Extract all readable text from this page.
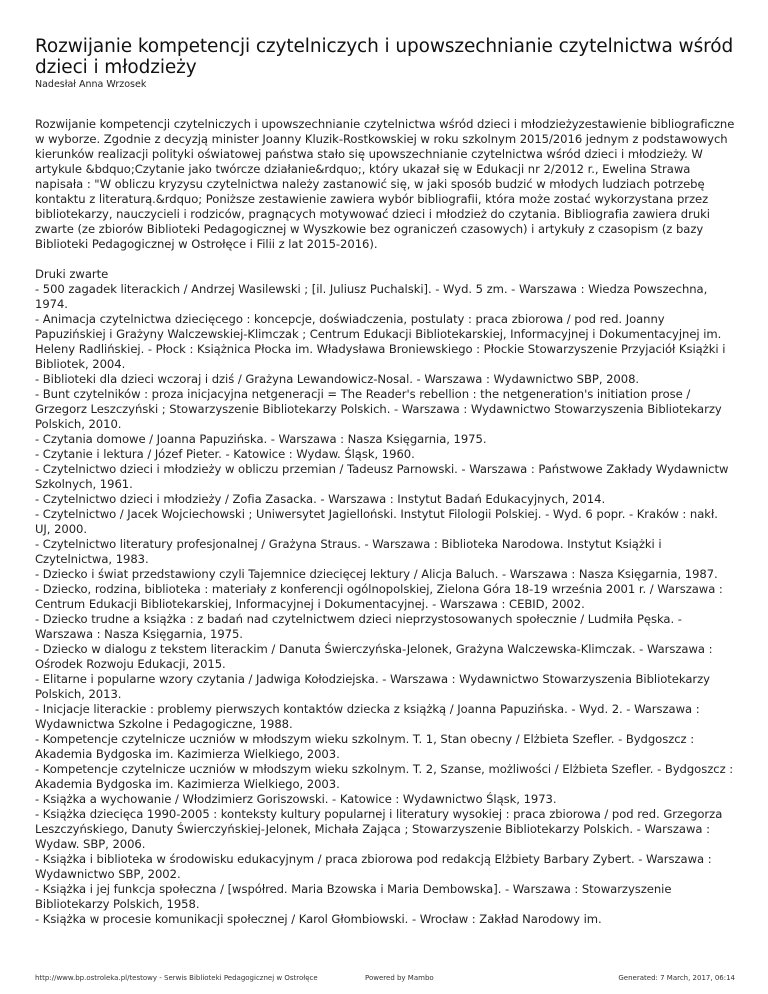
Rozwijanie kompetencji czytelniczych i upowszechnianie czytelnictwa wśród dzieci i młodzieży
Nadesłał Anna Wrzosek
Rozwijanie kompetencji czytelniczych i upowszechnianie czytelnictwa wśród dzieci i młodzieżyzestawienie bibliograficzne w wyborze. Zgodnie z decyzją minister Joanny Kluzik-Rostkowskiej w roku szkolnym 2015/2016 jednym z podstawowych kierunków realizacji polityki oświatowej państwa stało się upowszechnianie czytelnictwa wśród dzieci i młodzieży. W artykule &bdquo;Czytanie jako twórcze działanie&rdquo;, który ukazał się w Edukacji nr 2/2012 r., Ewelina Strawa napisała : "W obliczu kryzysu czytelnictwa należy zastanowić się, w jaki sposób budzić w młodych ludziach potrzebę kontaktu z literaturą.&rdquo; Poniższe zestawienie zawiera wybór bibliografii, która może zostać wykorzystana przez bibliotekarzy, nauczycieli i rodziców, pragnących motywować dzieci i młodzież do czytania. Bibliografia zawiera druki zwarte (ze zbiorów Biblioteki Pedagogicznej w Wyszkowie bez ograniczeń czasowych) i artykuły z czasopism (z bazy Biblioteki Pedagogicznej w Ostrołęce i Filii z lat 2015-2016).
Druki zwarte
- 500 zagadek literackich / Andrzej Wasilewski ; [il. Juliusz Puchalski]. - Wyd. 5 zm. - Warszawa : Wiedza Powszechna, 1974.
- Animacja czytelnictwa dziecięcego : koncepcje, doświadczenia, postulaty : praca zbiorowa / pod red. Joanny Papuzińskiej i Grażyny Walczewskiej-Klimczak ; Centrum Edukacji Bibliotekarskiej, Informacyjnej i Dokumentacyjnej im. Heleny Radlińskiej. - Płock : Książnica Płocka im. Władysława Broniewskiego : Płockie Stowarzyszenie Przyjaciół Książki i Bibliotek, 2004.
- Biblioteki dla dzieci wczoraj i dziś / Grażyna Lewandowicz-Nosal. - Warszawa : Wydawnictwo SBP, 2008.
- Bunt czytelników : proza inicjacyjna netgeneracji = The Reader's rebellion : the netgeneration's initiation prose / Grzegorz Leszczyński ; Stowarzyszenie Bibliotekarzy Polskich. - Warszawa : Wydawnictwo Stowarzyszenia Bibliotekarzy Polskich, 2010.
- Czytania domowe / Joanna Papuzińska. - Warszawa : Nasza Księgarnia, 1975.
- Czytanie i lektura / Józef Pieter. - Katowice : Wydaw. Śląsk, 1960.
- Czytelnictwo dzieci i młodzieży w obliczu przemian / Tadeusz Parnowski. - Warszawa : Państwowe Zakłady Wydawnictw Szkolnych, 1961.
- Czytelnictwo dzieci i młodzieży / Zofia Zasacka. - Warszawa : Instytut Badań Edukacyjnych, 2014.
- Czytelnictwo / Jacek Wojciechowski ; Uniwersytet Jagielloński. Instytut Filologii Polskiej. - Wyd. 6 popr. - Kraków : nakł. UJ, 2000.
- Czytelnictwo literatury profesjonalnej / Grażyna Straus. - Warszawa : Biblioteka Narodowa. Instytut Książki i Czytelnictwa, 1983.
- Dziecko i świat przedstawiony czyli Tajemnice dziecięcej lektury / Alicja Baluch. - Warszawa : Nasza Księgarnia, 1987.
- Dziecko, rodzina, biblioteka : materiały z konferencji ogólnopolskiej, Zielona Góra 18-19 września 2001 r. / Warszawa : Centrum Edukacji Bibliotekarskiej, Informacyjnej i Dokumentacyjnej. - Warszawa : CEBID, 2002.
- Dziecko trudne a książka : z badań nad czytelnictwem dzieci nieprzystosowanych społecznie / Ludmiła Pęska. - Warszawa : Nasza Księgarnia, 1975.
- Dziecko w dialogu z tekstem literackim / Danuta Świerczyńska-Jelonek, Grażyna Walczewska-Klimczak. - Warszawa : Ośrodek Rozwoju Edukacji, 2015.
- Elitarne i popularne wzory czytania / Jadwiga Kołodziejska. - Warszawa : Wydawnictwo Stowarzyszenia Bibliotekarzy Polskich, 2013.
- Inicjacje literackie : problemy pierwszych kontaktów dziecka z książką / Joanna Papuzińska. - Wyd. 2. - Warszawa : Wydawnictwa Szkolne i Pedagogiczne, 1988.
- Kompetencje czytelnicze uczniów w młodszym wieku szkolnym. T. 1, Stan obecny / Elżbieta Szefler. - Bydgoszcz : Akademia Bydgoska im. Kazimierza Wielkiego, 2003.
- Kompetencje czytelnicze uczniów w młodszym wieku szkolnym. T. 2, Szanse, możliwości / Elżbieta Szefler. - Bydgoszcz : Akademia Bydgoska im. Kazimierza Wielkiego, 2003.
- Książka a wychowanie / Włodzimierz Goriszowski. - Katowice : Wydawnictwo Śląsk, 1973.
- Książka dziecięca 1990-2005 : konteksty kultury popularnej i literatury wysokiej : praca zbiorowa / pod red. Grzegorza Leszczyńskiego, Danuty Świerczyńskiej-Jelonek, Michała Zająca ; Stowarzyszenie Bibliotekarzy Polskich. - Warszawa : Wydaw. SBP, 2006.
- Książka i biblioteka w środowisku edukacyjnym / praca zbiorowa pod redakcją Elżbiety Barbary Zybert. - Warszawa : Wydawnictwo SBP, 2002.
- Książka i jej funkcja społeczna / [współred. Maria Bzowska i Maria Dembowska]. - Warszawa : Stowarzyszenie Bibliotekarzy Polskich, 1958.
- Książka w procesie komunikacji społecznej / Karol Głombiowski. - Wrocław : Zakład Narodowy im.
http://www.bp.ostroleka.pl/testowy - Serwis Biblioteki Pedagogicznej w Ostrołęce	Powered by Mambo	Generated: 7 March, 2017, 06:14
